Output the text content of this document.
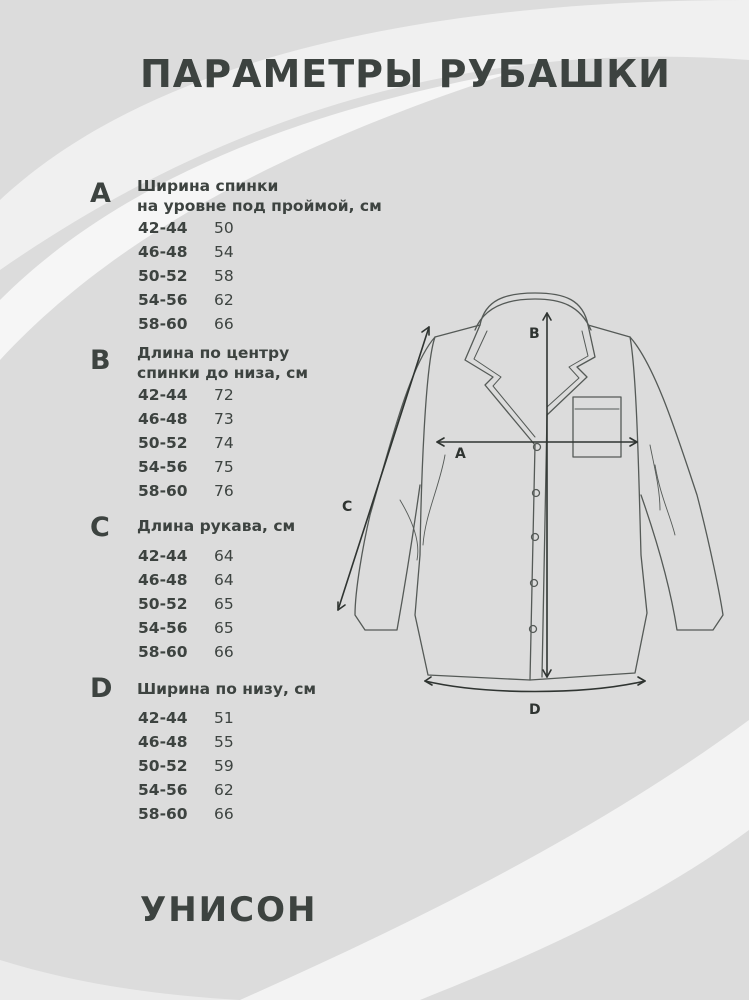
ПАРАМЕТРЫ РУБАШКИ
A Ширина спинки
на уровне под проймой, см
42-44 50
46-48 54
50-52 58
54-56 62
58-60 66
B Длина по центру
спинки до низа, см
42-44 72
46-48 73
50-52 74
54-56 75
58-60 76
C Длина рукава, см
42-44 64
46-48 64
50-52 65
54-56 65
58-60 66
D Ширина по низу, см
42-44 51
46-48 55
50-52 59
54-56 62
58-60 66
B
A
C
D
УНИСОН
